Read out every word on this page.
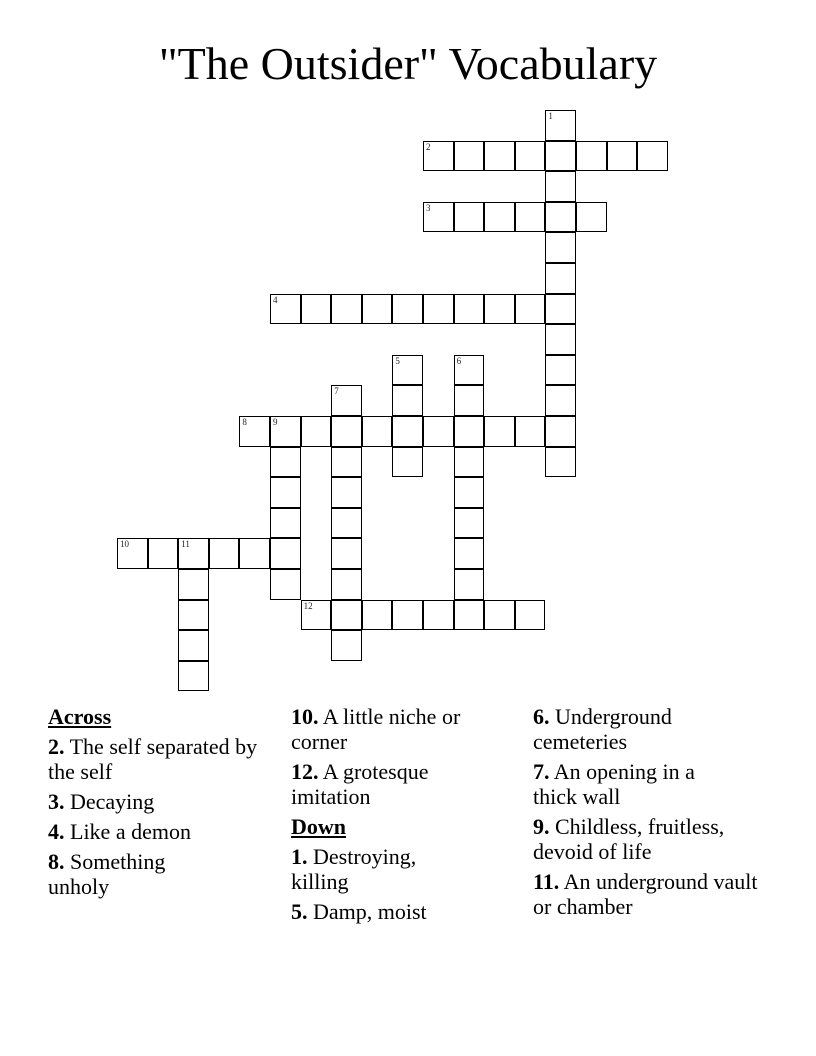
"The Outsider" Vocabulary
1
2
3
4
5	6
7
8	9
10	11
12
Across
2. The self separated by the self
3. Decaying
4. Like a demon
8. Something unholy
10. A little niche or corner
12. A grotesque imitation
Down
1. Destroying, killing
5. Damp, moist
6. Underground cemeteries
7. An opening in a thick wall
9. Childless, fruitless, devoid of life
11. An underground vault or chamber
